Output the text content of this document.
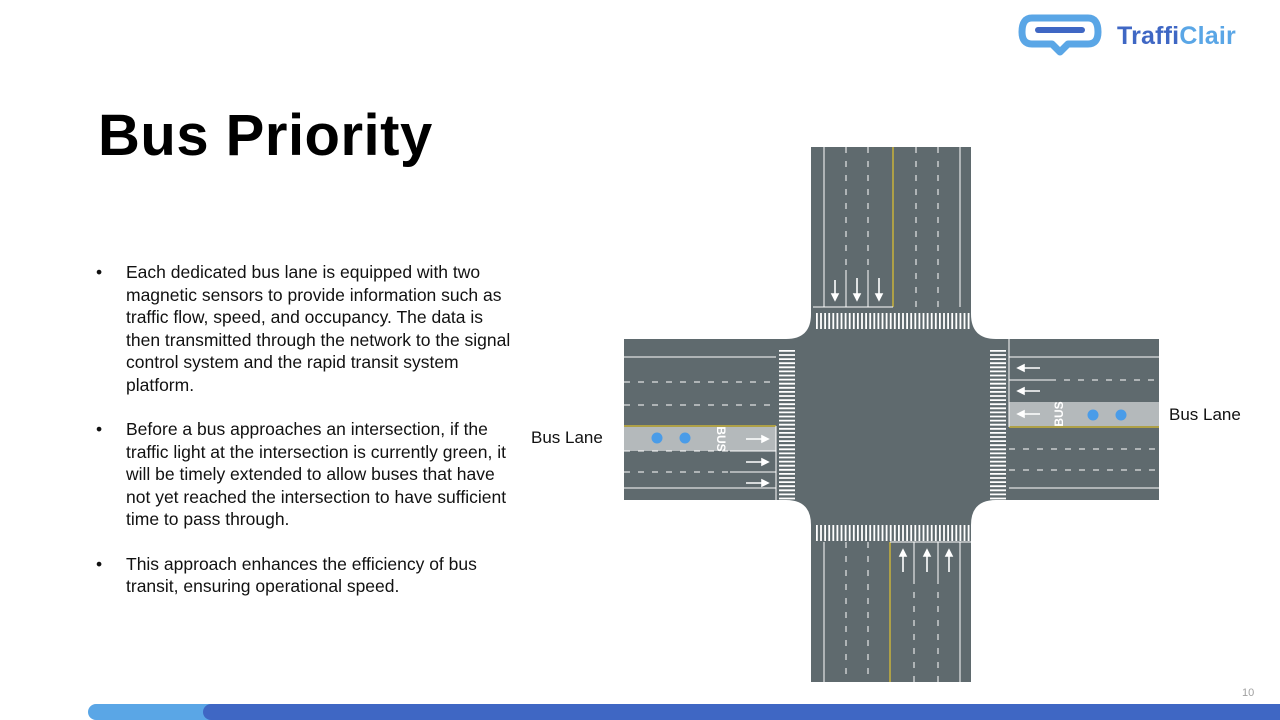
TraffiClair
Bus Priority
• Each dedicated bus lane is equipped with two magnetic sensors to provide information such as traffic flow, speed, and occupancy. The data is then transmitted through the network to the signal control system and the rapid transit system platform.
• Before a bus approaches an intersection, if the traffic light at the intersection is currently green, it will be timely extended to allow buses that have not yet reached the intersection to have sufficient time to pass through.
• This approach enhances the efficiency of bus transit, ensuring operational speed.
BUS
BUS
Bus Lane
Bus Lane
10
